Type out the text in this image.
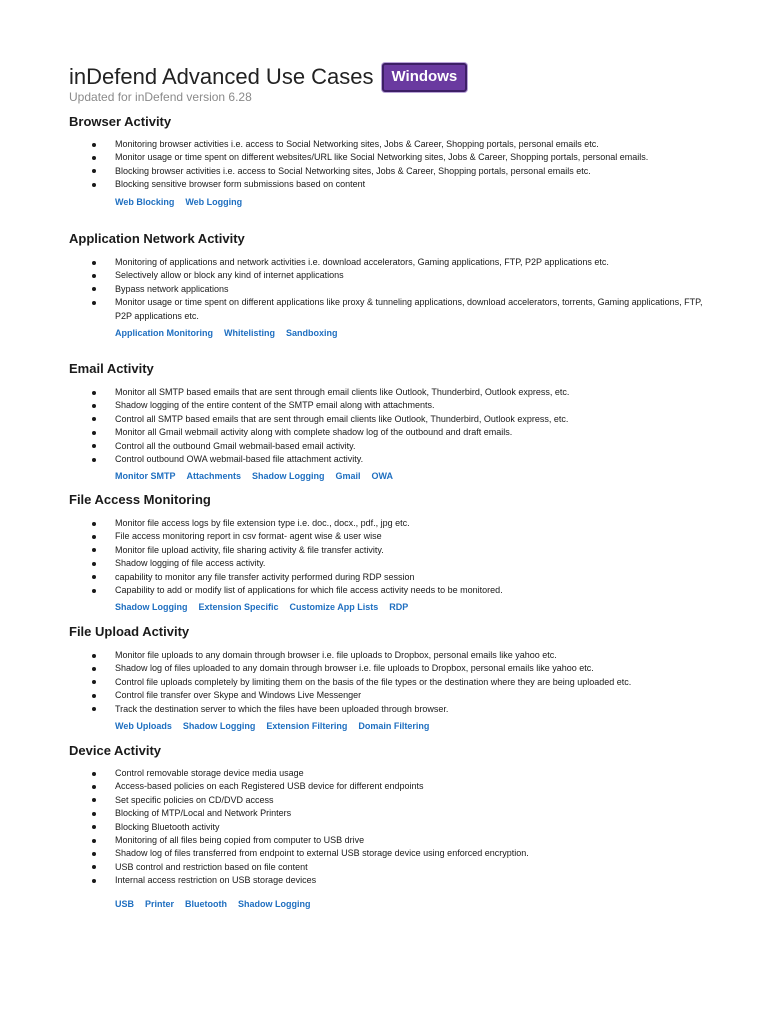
inDefend Advanced Use Cases	Windows
Updated for inDefend version 6.28
Browser Activity
Monitoring browser activities i.e. access to Social Networking sites, Jobs & Career, Shopping portals, personal emails etc.
Monitor usage or time spent on different websites/URL like Social Networking sites, Jobs & Career, Shopping portals, personal emails.
Blocking browser activities i.e. access to Social Networking sites, Jobs & Career, Shopping portals, personal emails etc.
Blocking sensitive browser form submissions based on content
Web Blocking Web Logging
Application Network Activity
Monitoring of applications and network activities i.e. download accelerators, Gaming applications, FTP, P2P applications etc.
Selectively allow or block any kind of internet applications
Bypass network applications
Monitor usage or time spent on different applications like proxy & tunneling applications, download accelerators, torrents, Gaming applications, FTP, P2P applications etc.
Application Monitoring Whitelisting Sandboxing
Email Activity
Monitor all SMTP based emails that are sent through email clients like Outlook, Thunderbird, Outlook express, etc.
Shadow logging of the entire content of the SMTP email along with attachments.
Control all SMTP based emails that are sent through email clients like Outlook, Thunderbird, Outlook express, etc.
Monitor all Gmail webmail activity along with complete shadow log of the outbound and draft emails.
Control all the outbound Gmail webmail-based email activity.
Control outbound OWA webmail-based file attachment activity.
Monitor SMTP Attachments Shadow Logging Gmail OWA
File Access Monitoring
Monitor file access logs by file extension type i.e. doc., docx., pdf., jpg etc.
File access monitoring report in csv format- agent wise & user wise
Monitor file upload activity, file sharing activity & file transfer activity.
Shadow logging of file access activity.
capability to monitor any file transfer activity performed during RDP session
Capability to add or modify list of applications for which file access activity needs to be monitored.
Shadow Logging Extension Specific Customize App Lists RDP
File Upload Activity
Monitor file uploads to any domain through browser i.e. file uploads to Dropbox, personal emails like yahoo etc.
Shadow log of files uploaded to any domain through browser i.e. file uploads to Dropbox, personal emails like yahoo etc.
Control file uploads completely by limiting them on the basis of the file types or the destination where they are being uploaded etc.
Control file transfer over Skype and Windows Live Messenger
Track the destination server to which the files have been uploaded through browser.
Web Uploads Shadow Logging Extension Filtering Domain Filtering
Device Activity
Control removable storage device media usage
Access-based policies on each Registered USB device for different endpoints
Set specific policies on CD/DVD access
Blocking of MTP/Local and Network Printers
Blocking Bluetooth activity
Monitoring of all files being copied from computer to USB drive
Shadow log of files transferred from endpoint to external USB storage device using enforced encryption.
USB control and restriction based on file content
Internal access restriction on USB storage devices
USB Printer Bluetooth Shadow Logging
